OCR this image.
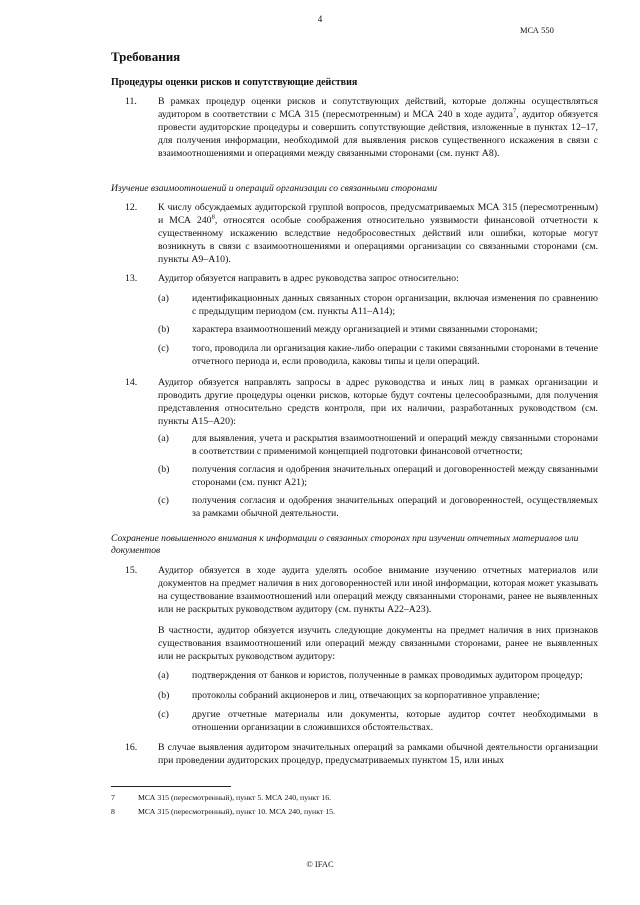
4
МСА 550
Требования
Процедуры оценки рисков и сопутствующие действия
11.	В рамках процедур оценки рисков и сопутствующих действий, которые должны осуществляться аудитором в соответствии с МСА 315 (пересмотренным) и МСА 240 в ходе аудита$^7$, аудитор обязуется провести аудиторские процедуры и совершить сопутствующие действия, изложенные в пунктах 12–17, для получения информации, необходимой для выявления рисков существенного искажения в связи с взаимоотношениями и операциями между связанными сторонами (см. пункт А8).
Изучение взаимоотношений и операций организации со связанными сторонами
12.	К числу обсуждаемых аудиторской группой вопросов, предусматриваемых МСА 315 (пересмотренным) и МСА $240^8$, относятся особые соображения относительно уязвимости финансовой отчетности к существенному искажению вследствие недобросовестных действий или ошибки, которые могут возникнуть в связи с взаимоотношениями и операциями организации со связанными сторонами (см. пункты А9–А10).
13.	Аудитор обязуется направить в адрес руководства запрос относительно:
(a) идентификационных данных связанных сторон организации, включая изменения по сравнению с предыдущим периодом (см. пункты А11–А14);
(b) характера взаимоотношений между организацией и этими связанными сторонами;
(c) того, проводила ли организация какие-либо операции с такими связанными сторонами в течение отчетного периода и, если проводила, каковы типы и цели операций.
14.	Аудитор обязуется направлять запросы в адрес руководства и иных лиц в рамках организации и проводить другие процедуры оценки рисков, которые будут сочтены целесообразными, для получения представления относительно средств контроля, при их наличии, разработанных руководством (см. пункты А15–А20):
(a) для выявления, учета и раскрытия взаимоотношений и операций между связанными сторонами в соответствии с применимой концепцией подготовки финансовой отчетности;
(b) получения согласия и одобрения значительных операций и договоренностей между связанными сторонами (см. пункт А21);
(c) получения согласия и одобрения значительных операций и договоренностей, осуществляемых за рамками обычной деятельности.
Сохранение повышенного внимания к информации о связанных сторонах при изучении отчетных материалов или документов
15.	Аудитор обязуется в ходе аудита уделять особое внимание изучению отчетных материалов или документов на предмет наличия в них договоренностей или иной информации, которая может указывать на существование взаимоотношений или операций между связанными сторонами, ранее не выявленных или не раскрытых руководством аудитору (см. пункты А22–А23).
В частности, аудитор обязуется изучить следующие документы на предмет наличия в них признаков существования взаимоотношений или операций между связанными сторонами, ранее не выявленных или не раскрытых руководством аудитору:
(a) подтверждения от банков и юристов, полученные в рамках проводимых аудитором процедур;
(b) протоколы собраний акционеров и лиц, отвечающих за корпоративное управление;
(c) другие отчетные материалы или документы, которые аудитор сочтет необходимыми в отношении организации в сложившихся обстоятельствах.
16.	В случае выявления аудитором значительных операций за рамками обычной деятельности организации при проведении аудиторских процедур, предусматриваемых пунктом 15, или иных
7	МСА 315 (пересмотренный), пункт 5. МСА 240, пункт 16.
8	МСА 315 (пересмотренный), пункт 10. МСА 240, пункт 15.
© IFAC
